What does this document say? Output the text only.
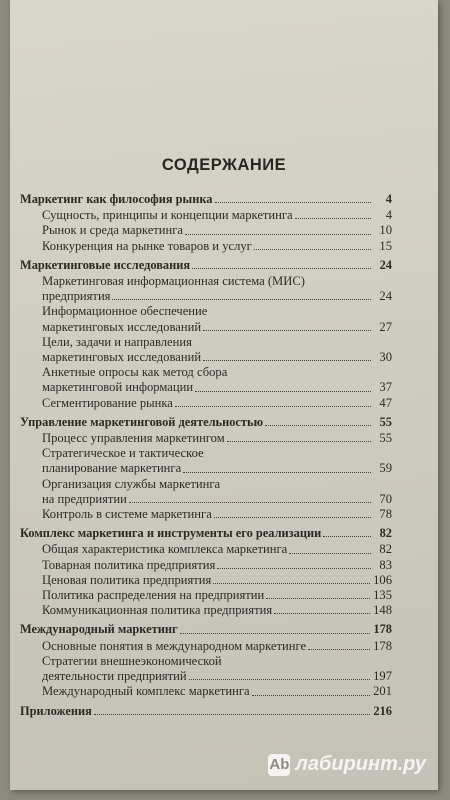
СОДЕРЖАНИЕ
Маркетинг как философия рынка	4
Сущность, принципы и концепции маркетинга	4
Рынок и среда маркетинга	10
Конкуренция на рынке товаров и услуг	15
Маркетинговые исследования	24
Маркетинговая информационная система (МИС)
предприятия	24
Информационное обеспечение
маркетинговых исследований	27
Цели, задачи и направления
маркетинговых исследований	30
Анкетные опросы как метод сбора
маркетинговой информации	37
Сегментирование рынка	47
Управление маркетинговой деятельностью	55
Процесс управления маркетингом	55
Стратегическое и тактическое
планирование маркетинга	59
Организация службы маркетинга
на предприятии	70
Контроль в системе маркетинга	78
Комплекс маркетинга и инструменты его реализации	82
Общая характеристика комплекса маркетинга	82
Товарная политика предприятия	83
Ценовая политика предприятия	106
Политика распределения на предприятии	135
Коммуникационная политика предприятия	148
Международный маркетинг	178
Основные понятия в международном маркетинге	178
Стратегии внешнеэкономической
деятельности предприятий	197
Международный комплекс маркетинга	201
Приложения	216
Ab лабиринт.ру
